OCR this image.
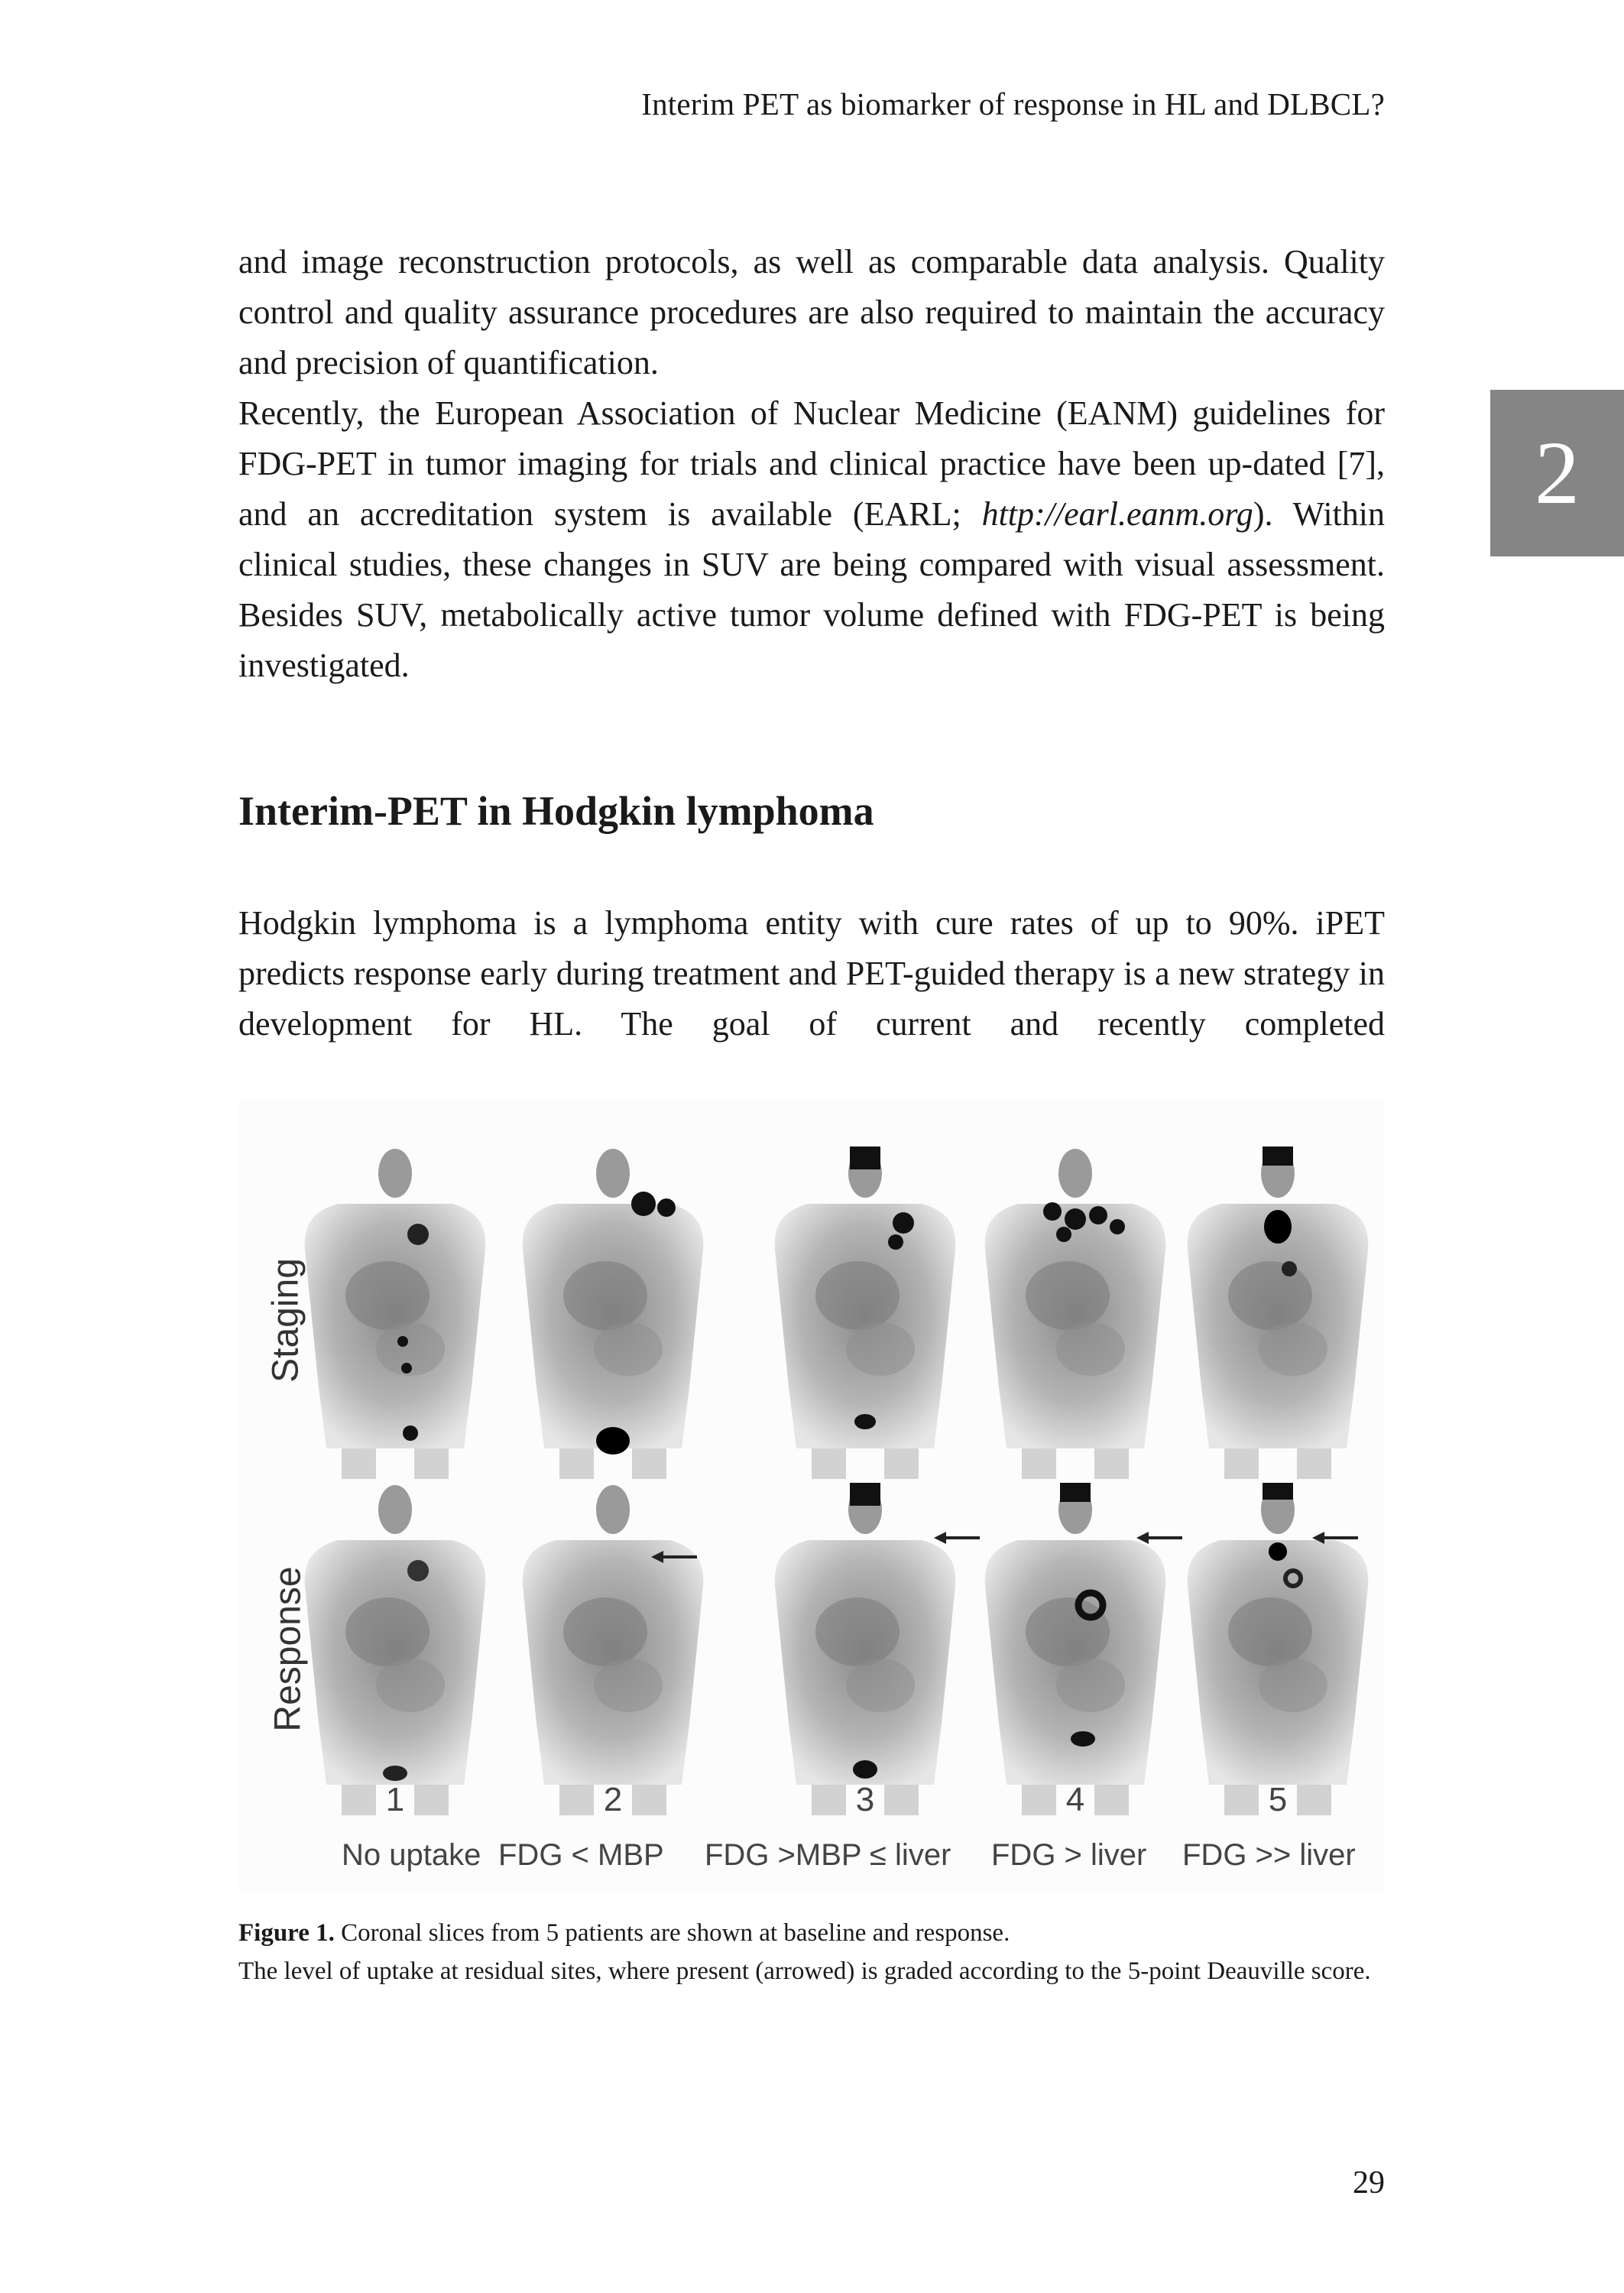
Interim PET as biomarker of response in HL and DLBCL?
2

and image reconstruction protocols, as well as comparable data analysis. Quality control and quality assurance procedures are also required to maintain the accuracy and precision of quantification.

Recently, the European Association of Nuclear Medicine (EANM) guidelines for FDG-PET in tumor imaging for trials and clinical practice have been up-dated [7], and an accreditation system is available (EARL; http://earl.eanm.org). Within clinical studies, these changes in SUV are being compared with visual assessment. Besides SUV, metabolically active tumor volume defined with FDG-PET is being investigated.

Interim-PET in Hodgkin lymphoma

Hodgkin lymphoma is a lymphoma entity with cure rates of up to 90%. iPET predicts response early during treatment and PET-guided therapy is a new strategy in development for HL. The goal of current and recently completed

Staging
Response
1	2	3	4	5
No uptake FDG < MBP FDG >MBP ≤ liver FDG > liver FDG >> liver
Figure 1. Coronal slices from 5 patients are shown at baseline and response.
The level of uptake at residual sites, where present (arrowed) is graded according to the 5-point Deauville score.
29
